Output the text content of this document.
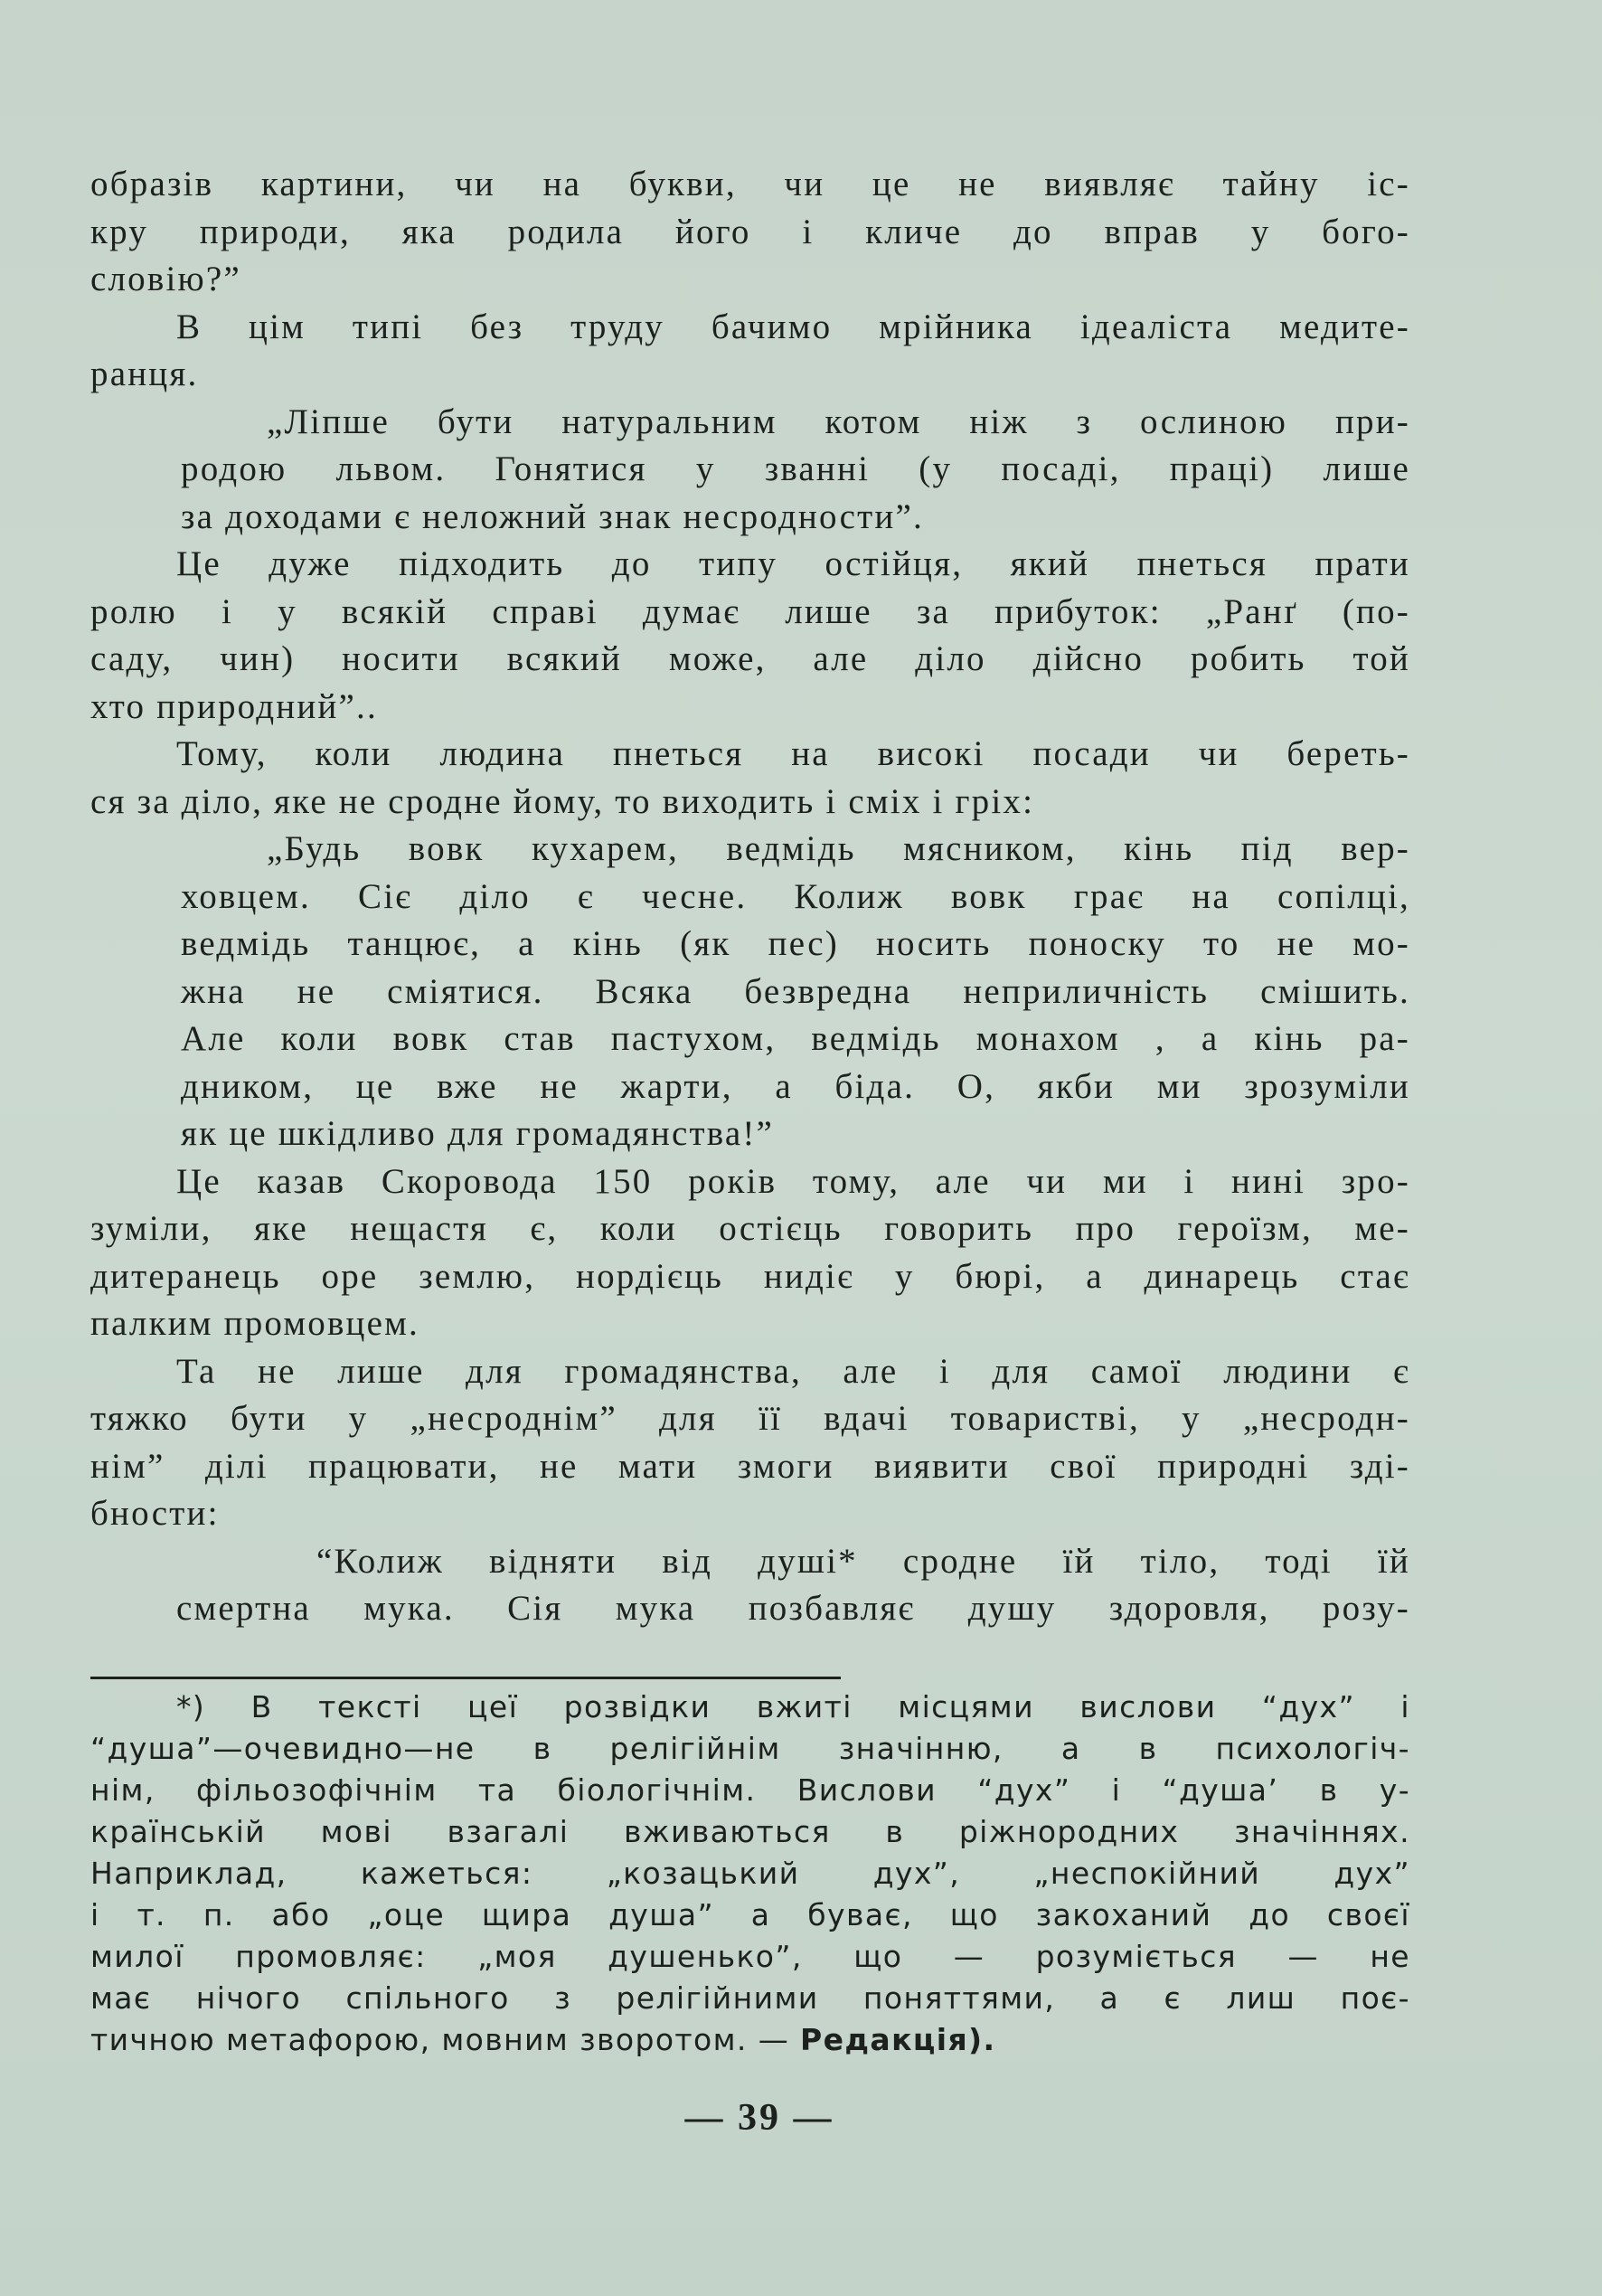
образів картини, чи на букви, чи це не виявляє тайну іс-
кру природи, яка родила його і кличе до вправ у бого-
словію?”
В цім типі без труду бачимо мрійника ідеаліста медите-
ранця.
„Ліпше бути натуральним котом ніж з ослиною при-
родою львом. Гонятися у званні (у посаді, праці) лише
за доходами є неложний знак несродности”.
Це дуже підходить до типу остійця, який пнеться прати
ролю і у всякій справі думає лише за прибуток: „Ранґ (по-
саду, чин) носити всякий може, але діло дійсно робить той
хто природний”..
Тому, коли людина пнеться на високі посади чи береть-
ся за діло, яке не сродне йому, то виходить і сміх і гріх:
„Будь вовк кухарем, ведмідь мясником, кінь під вер-
ховцем. Сіє діло є чесне. Колиж вовк грає на сопілці,
ведмідь танцює, а кінь (як пес) носить поноску то не мо-
жна не сміятися. Всяка безвредна неприличність смішить.
Але коли вовк став пастухом, ведмідь монахом , а кінь ра-
дником, це вже не жарти, а біда. О, якби ми зрозуміли
як це шкідливо для громадянства!”
Це казав Скоровода 150 років тому, але чи ми і нині зро-
зуміли, яке нещастя є, коли остієць говорить про героїзм, ме-
дитеранець оре землю, нордієць нидіє у бюрі, а динарець стає
палким промовцем.
Та не лише для громадянства, але і для самої людини є
тяжко бути у „несроднім” для її вдачі товаристві, у „несродн-
нім” ділі працювати, не мати змоги виявити свої природні зді-
бности:
“Колиж відняти від душі* сродне їй тіло, тоді їй
смертна мука. Сія мука позбавляє душу здоровля, розу-
*) В тексті цеї розвідки вжиті місцями вислови “дух” і
“душа”—очевидно—не в релігійнім значінню, а в психологіч-
нім, фільозофічнім та біологічнім. Вислови “дух” і “душа’ в у-
країнській мові взагалі вживаються в ріжнородних значіннях.
Наприклад, кажеться: „козацький дух”, „неспокійний дух”
і т. п. або „оце щира душа” а буває, що закоханий до своєї
милої промовляє: „моя душенько”, що — розуміється — не
має нічого спільного з релігійними поняттями, а є лиш поє-
тичною метафорою, мовним зворотом. — Редакція).
— 39 —
